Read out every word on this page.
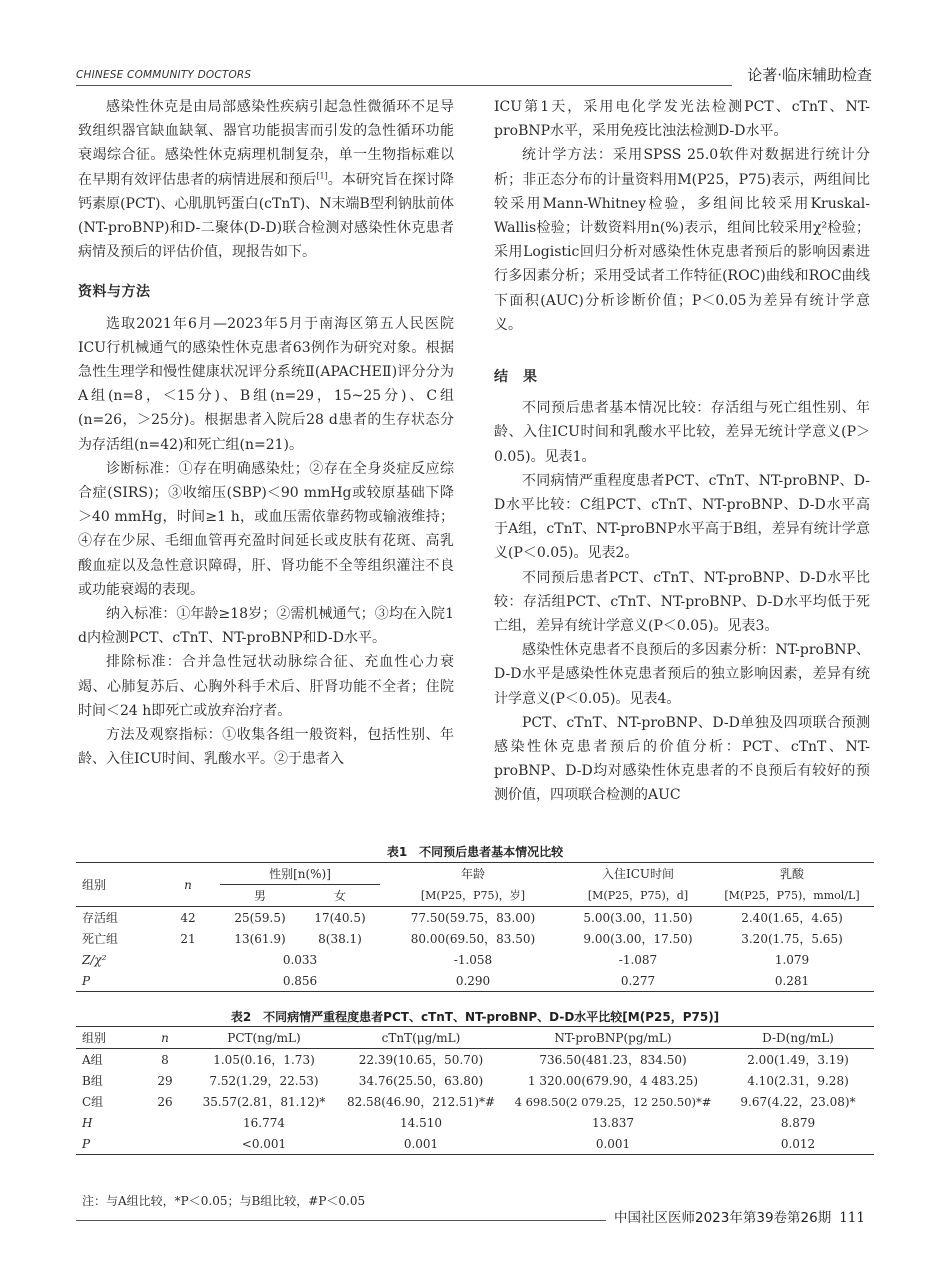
CHINESE COMMUNITY DOCTORS	论著·临床辅助检查

感染性休克是由局部感染性疾病引起急性微循环不足导致组织器官缺血缺氧、器官功能损害而引发的急性循环功能衰竭综合征。感染性休克病理机制复杂，单一生物指标难以在早期有效评估患者的病情进展和预后[1]。本研究旨在探讨降钙素原(PCT)、心肌肌钙蛋白(cTnT)、N末端B型利钠肽前体(NT-proBNP)和D-二聚体(D-D)联合检测对感染性休克患者病情及预后的评估价值，现报告如下。

资料与方法

选取2021年6月—2023年5月于南海区第五人民医院ICU行机械通气的感染性休克患者63例作为研究对象。根据急性生理学和慢性健康状况评分系统Ⅱ(APACHEⅡ)评分分为A组(n=8，＜15分)、B组(n=29，15~25分)、C组(n=26，＞25分)。根据患者入院后28 d患者的生存状态分为存活组(n=42)和死亡组(n=21)。

诊断标准：①存在明确感染灶；②存在全身炎症反应综合症(SIRS)；③收缩压(SBP)＜90 mmHg或较原基础下降＞40 mmHg，时间≥1 h，或血压需依靠药物或输液维持；④存在少尿、毛细血管再充盈时间延长或皮肤有花斑、高乳酸血症以及急性意识障碍，肝、肾功能不全等组织灌注不良或功能衰竭的表现。

纳入标准：①年龄≥18岁；②需机械通气；③均在入院1 d内检测PCT、cTnT、NT-proBNP和D-D水平。

排除标准：合并急性冠状动脉综合征、充血性心力衰竭、心肺复苏后、心胸外科手术后、肝肾功能不全者；住院时间＜24 h即死亡或放弃治疗者。

方法及观察指标：①收集各组一般资料，包括性别、年龄、入住ICU时间、乳酸水平。②于患者入

ICU第1天，采用电化学发光法检测PCT、cTnT、NT-proBNP水平，采用免疫比浊法检测D-D水平。

统计学方法：采用SPSS 25.0软件对数据进行统计分析；非正态分布的计量资料用M(P25，P75)表示，两组间比较采用Mann-Whitney检验，多组间比较采用Kruskal-Wallis检验；计数资料用n(%)表示，组间比较采用χ²检验；采用Logistic回归分析对感染性休克患者预后的影响因素进行多因素分析；采用受试者工作特征(ROC)曲线和ROC曲线下面积(AUC)分析诊断价值；P＜0.05为差异有统计学意义。

结　果

不同预后患者基本情况比较：存活组与死亡组性别、年龄、入住ICU时间和乳酸水平比较，差异无统计学意义(P＞0.05)。见表1。

不同病情严重程度患者PCT、cTnT、NT-proBNP、D-D水平比较：C组PCT、cTnT、NT-proBNP、D-D水平高于A组，cTnT、NT-proBNP水平高于B组，差异有统计学意义(P＜0.05)。见表2。

不同预后患者PCT、cTnT、NT-proBNP、D-D水平比较：存活组PCT、cTnT、NT-proBNP、D-D水平均低于死亡组，差异有统计学意义(P＜0.05)。见表3。

感染性休克患者不良预后的多因素分析：NT-proBNP、D-D水平是感染性休克患者预后的独立影响因素，差异有统计学意义(P＜0.05)。见表4。

PCT、cTnT、NT-proBNP、D-D单独及四项联合预测感染性休克患者预后的价值分析：PCT、cTnT、NT-proBNP、D-D均对感染性休克患者的不良预后有较好的预测价值，四项联合检测的AUC

表1　不同预后患者基本情况比较
组别	n	性别[n(%)]		年龄	入住ICU时间	乳酸
		男	女	[M(P25，P75)，岁]	[M(P25，P75)，d]	[M(P25，P75)，mmol/L]
存活组	42	25(59.5)	17(40.5)	77.50(59.75，83.00)	5.00(3.00，11.50)	2.40(1.65，4.65)
死亡组	21	13(61.9)	8(38.1)	80.00(69.50，83.50)	9.00(3.00，17.50)	3.20(1.75，5.65)
Z/χ²		0.033		-1.058	-1.087	1.079
P		0.856		0.290	0.277	0.281
表2　不同病情严重程度患者PCT、cTnT、NT-proBNP、D-D水平比较[M(P25，P75)]
组别	n	PCT(ng/mL)	cTnT(μg/mL)	NT-proBNP(pg/mL)	D-D(ng/mL)
A组	8	1.05(0.16，1.73)	22.39(10.65，50.70)	736.50(481.23，834.50)	2.00(1.49，3.19)
B组	29	7.52(1.29，22.53)	34.76(25.50，63.80)	1 320.00(679.90，4 483.25)	4.10(2.31，9.28)
C组	26	35.57(2.81，81.12)*	82.58(46.90，212.51)*#	4 698.50(2 079.25，12 250.50)*#	9.67(4.22，23.08)*
H		16.774	14.510	13.837	8.879
P		<0.001	0.001	0.001	0.012
注：与A组比较，*P＜0.05；与B组比较，#P＜0.05
中国社区医师2023年第39卷第26期 111
